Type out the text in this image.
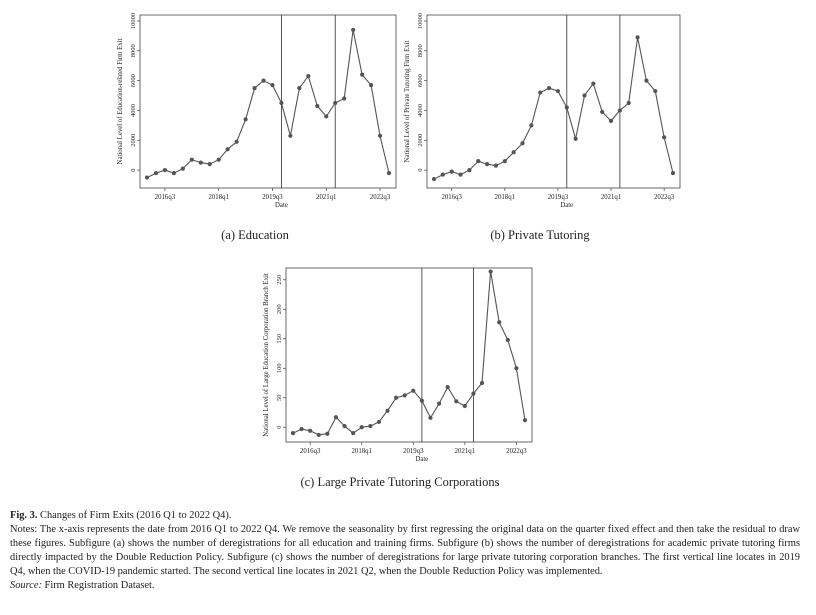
0
2000
4000
6000
8000
10000
National Level of Education-related Firm Exit
2016q3	2018q1	2019q3	2021q1	2022q3
Date
(a) Education
0
2000
4000
6000
8000
10000
National Level of Private Tutoring Firm Exit
2016q3	2018q1	2019q3	2021q1	2022q3
Date
(b) Private Tutoring
0
50
100
150
200
250
National Level of Large Education Corporation Branch Exit
2016q3	2018q1	2019q3	2021q1	2022q3
Date
(c) Large Private Tutoring Corporations
Fig. 3. Changes of Firm Exits (2016 Q1 to 2022 Q4).
Notes: The x-axis represents the date from 2016 Q1 to 2022 Q4. We remove the seasonality by first regressing the original data on the quarter fixed effect and then take the residual to draw these figures. Subfigure (a) shows the number of deregistrations for all education and training firms. Subfigure (b) shows the number of deregistrations for academic private tutoring firms directly impacted by the Double Reduction Policy. Subfigure (c) shows the number of deregistrations for large private tutoring corporation branches. The first vertical line locates in 2019 Q4, when the COVID-19 pandemic started. The second vertical line locates in 2021 Q2, when the Double Reduction Policy was implemented.
Source: Firm Registration Dataset.
